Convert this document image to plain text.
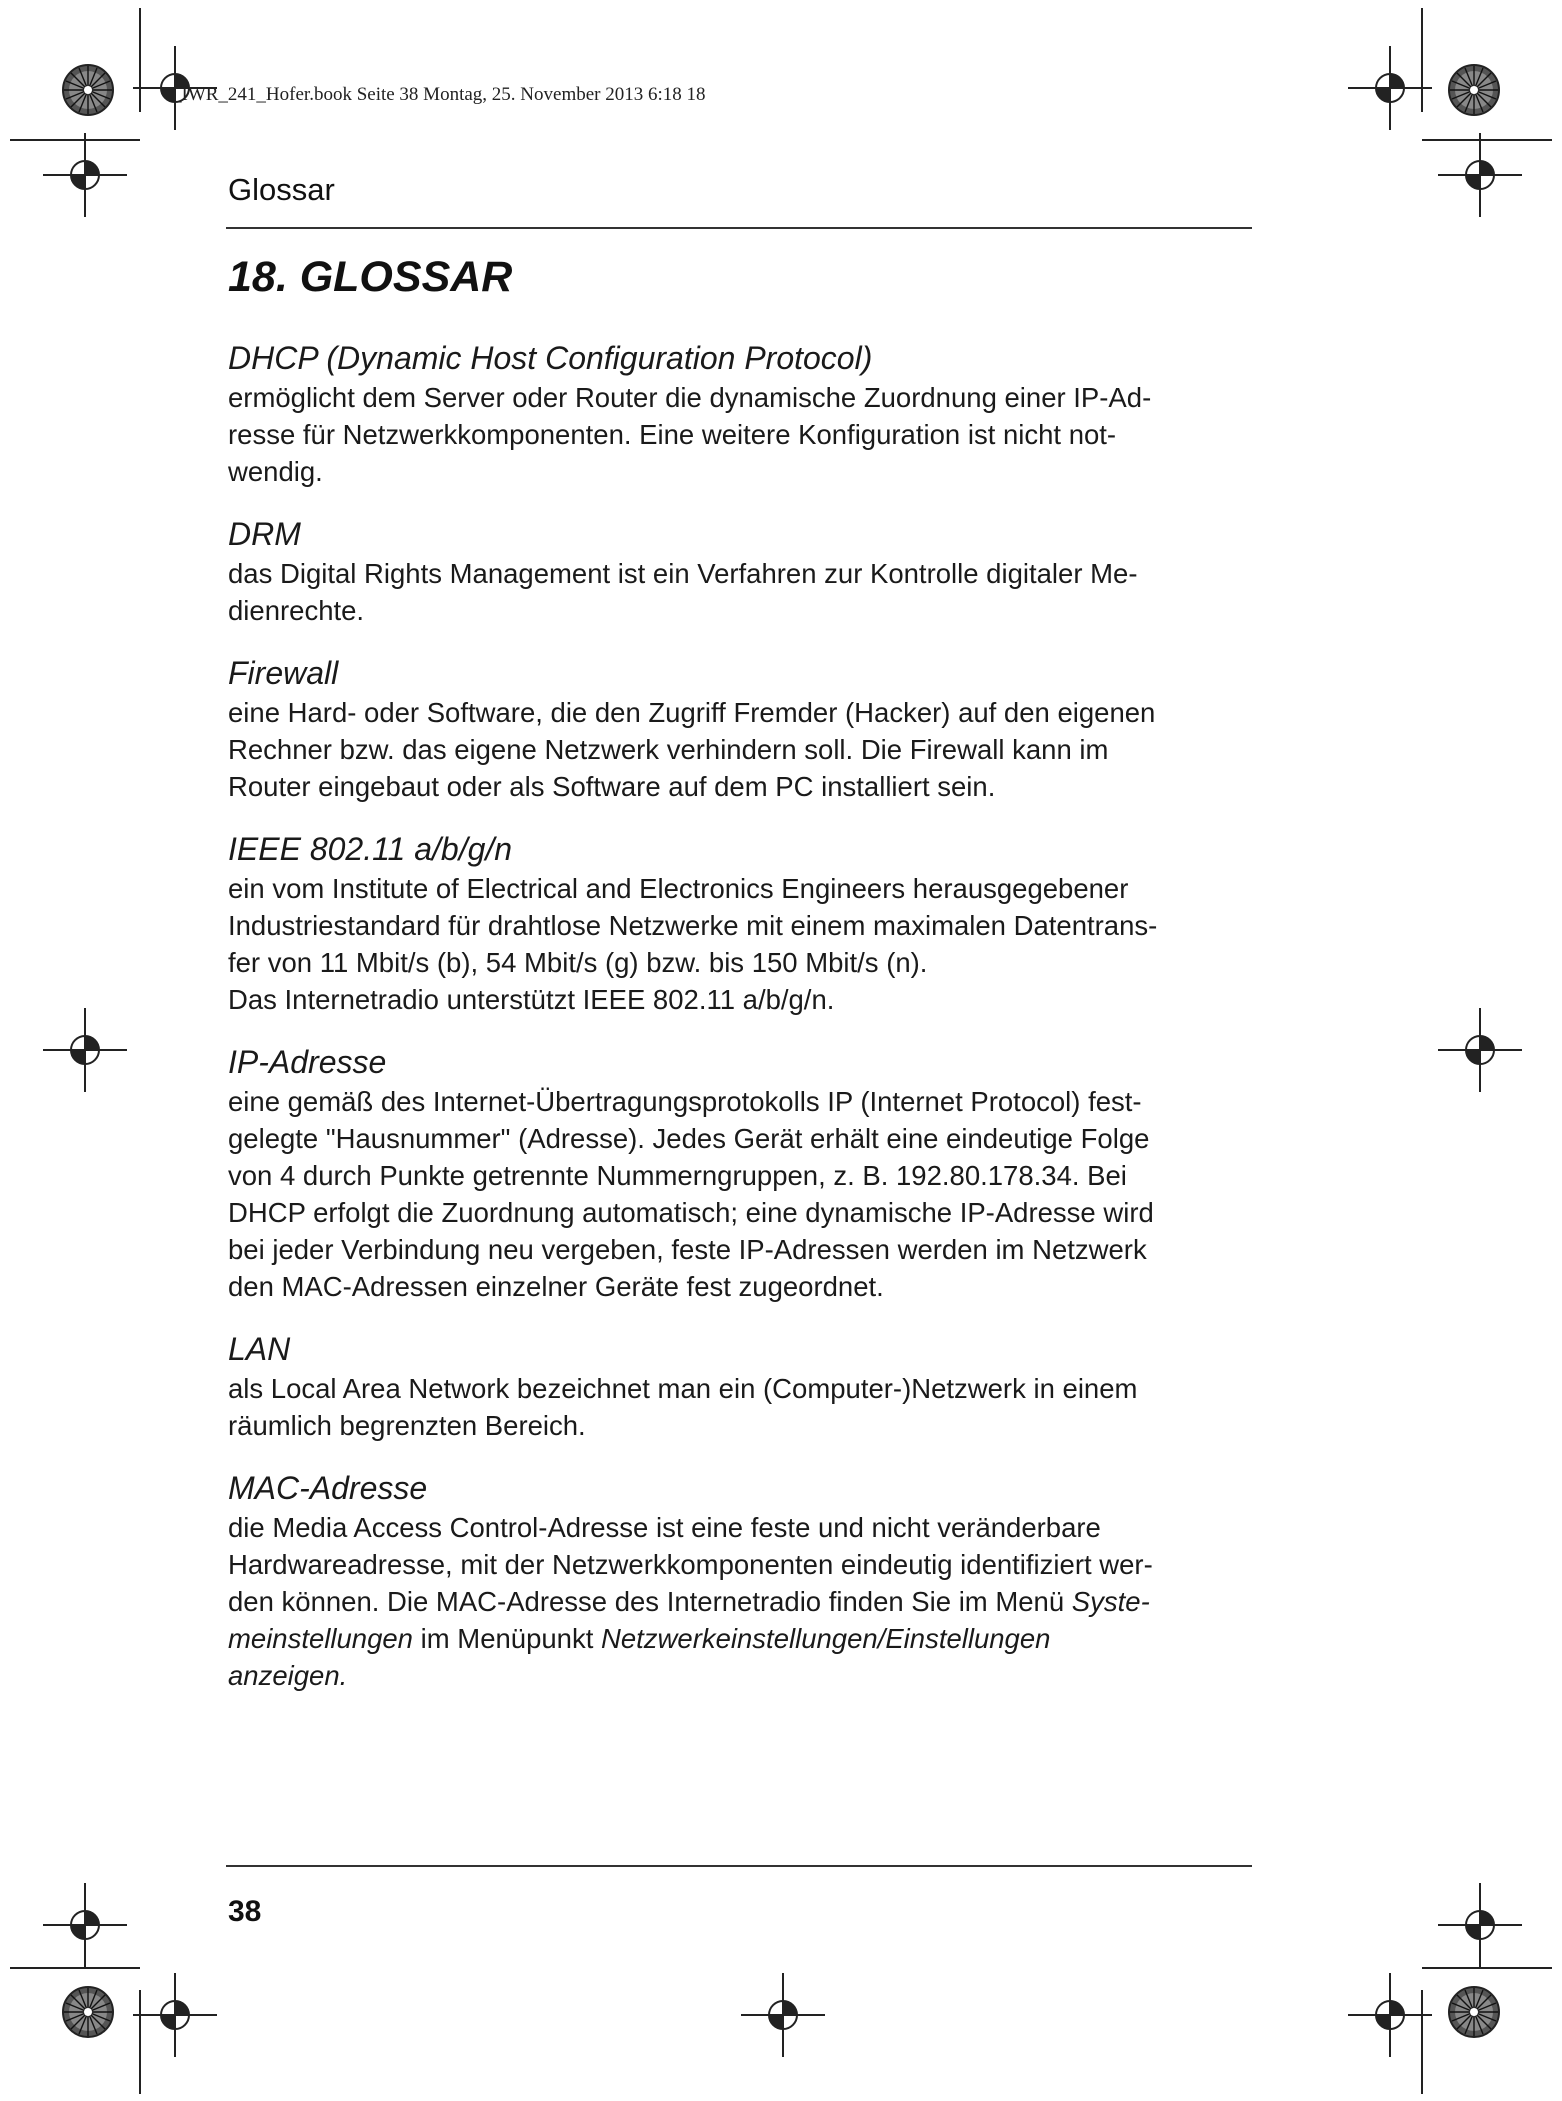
_IWR_241_Hofer.book Seite 38 Montag, 25. November 2013 6:18 18

Glossar

18. GLOSSAR
DHCP (Dynamic Host Configuration Protocol)

ermöglicht dem Server oder Router die dynamische Zuordnung einer IP-Ad-
resse für Netzwerkkomponenten. Eine weitere Konfiguration ist nicht not-
wendig.

DRM

das Digital Rights Management ist ein Verfahren zur Kontrolle digitaler Me-
dienrechte.

Firewall

eine Hard- oder Software, die den Zugriff Fremder (Hacker) auf den eigenen
Rechner bzw. das eigene Netzwerk verhindern soll. Die Firewall kann im
Router eingebaut oder als Software auf dem PC installiert sein.

IEEE 802.11 a/b/g/n

ein vom Institute of Electrical and Electronics Engineers herausgegebener
Industriestandard für drahtlose Netzwerke mit einem maximalen Datentrans-
fer von 11 Mbit/s (b), 54 Mbit/s (g) bzw. bis 150 Mbit/s (n).
Das Internetradio unterstützt IEEE 802.11 a/b/g/n.

IP-Adresse

eine gemäß des Internet-Übertragungsprotokolls IP (Internet Protocol) fest-
gelegte "Hausnummer" (Adresse). Jedes Gerät erhält eine eindeutige Folge
von 4 durch Punkte getrennte Nummerngruppen, z. B. 192.80.178.34. Bei
DHCP erfolgt die Zuordnung automatisch; eine dynamische IP-Adresse wird
bei jeder Verbindung neu vergeben, feste IP-Adressen werden im Netzwerk
den MAC-Adressen einzelner Geräte fest zugeordnet.

LAN

als Local Area Network bezeichnet man ein (Computer-)Netzwerk in einem
räumlich begrenzten Bereich.

MAC-Adresse

die Media Access Control-Adresse ist eine feste und nicht veränderbare
Hardwareadresse, mit der Netzwerkkomponenten eindeutig identifiziert wer-
den können. Die MAC-Adresse des Internetradio finden Sie im Menü Syste-
meinstellungen im Menüpunkt Netzwerkeinstellungen/Einstellungen
anzeigen.

38
